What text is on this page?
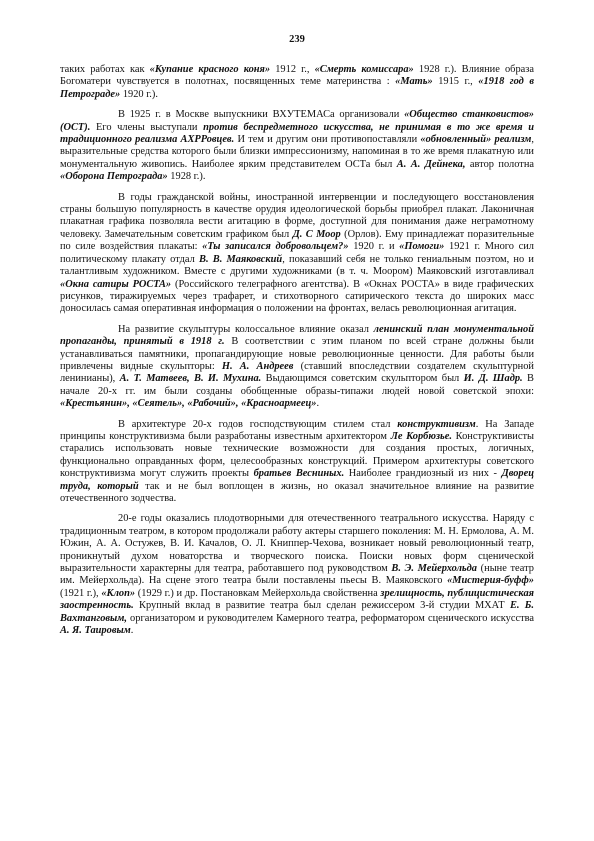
239

таких работах как «Купание красного коня» 1912 г., «Смерть комиссара» 1928 г.). Влияние образа Богоматери чувствуется в полотнах, посвященных теме материнства : «Мать» 1915 г., «1918 год в Петрограде» 1920 г.).

В 1925 г. в Москве выпускники ВХУТЕМАСа организовали «Общество станковистов» (ОСТ). Его члены выступали против беспредметного искусства, не принимая в то же время и традиционного реализма АХРРовцев. И тем и другим они противопоставляли «обновленный» реализм, выразительные средства которого были близки импрессионизму, напоминая в то же время плакатную или монументальную живопись. Наиболее ярким представителем ОСТа был А. А. Дейнека, автор полотна «Оборона Петрограда» 1928 г.).

В годы гражданской войны, иностранной интервенции и последующего восстановления страны большую популярность в качестве орудия идеологической борьбы приобрел плакат. Лаконичная плакатная графика позволяла вести агитацию в форме, доступной для понимания даже неграмотному человеку. Замечательным советским графиком был Д. С Моор (Орлов). Ему принадлежат поразительные по силе воздействия плакаты: «Ты записался добровольцем?» 1920 г. и «Помоги» 1921 г. Много сил политическому плакату отдал В. В. Маяковский, показавший себя не только гениальным поэтом, но и талантливым художником. Вместе с другими художниками (в т. ч. Моором) Маяковский изготавливал «Окна сатиры РОСТА» (Российского телеграфного агентства). В «Окнах РОСТА» в виде графических рисунков, тиражируемых через трафарет, и стихотворного сатирического текста до широких масс доносилась самая оперативная информация о положении на фронтах, велась революционная агитация.

На развитие скульптуры колоссальное влияние оказал ленинский план монументальной пропаганды, принятый в 1918 г. В соответствии с этим планом по всей стране должны были устанавливаться памятники, пропагандирующие новые революционные ценности. Для работы были привлечены видные скульпторы: Н. А. Андреев (ставший впоследствии создателем скульптурной ленинианы), А. Т. Матвеев, В. И. Мухина. Выдающимся советским скульптором был И. Д. Шадр. В начале 20-х гг. им были созданы обобщенные образы-типажи людей новой советской эпохи: «Крестьянин», «Сеятель», «Рабочий», «Красноармеец».

В архитектуре 20-х годов господствующим стилем стал конструктивизм. На Западе принципы конструктивизма были разработаны известным архитектором Ле Корбюзье. Конструктивисты старались использовать новые технические возможности для создания простых, логичных, функционально оправданных форм, целесообразных конструкций. Примером архитектуры советского конструктивизма могут служить проекты братьев Весниных. Наиболее грандиозный из них - Дворец труда, который так и не был воплощен в жизнь, но оказал значительное влияние на развитие отечественного зодчества.

20-е годы оказались плодотворными для отечественного театрального искусства. Наряду с традиционным театром, в котором продолжали работу актеры старшего поколения: М. Н. Ермолова, А. М. Южин, А. А. Остужев, В. И. Качалов, О. Л. Книппер-Чехова, возникает новый революционный театр, проникнутый духом новаторства и творческого поиска. Поиски новых форм сценической выразительности характерны для театра, работавшего под руководством В. Э. Мейерхольда (ныне театр им. Мейерхольда). На сцене этого театра были поставлены пьесы В. Маяковского «Мистерия-буфф» (1921 г.), «Клоп» (1929 г.) и др. Постановкам Мейерхольда свойственна зрелищность, публицистическая заостренность. Крупный вклад в развитие театра был сделан режиссером 3-й студии МХАТ Е. Б. Вахтанговым, организатором и руководителем Камерного театра, реформатором сценического искусства А. Я. Таировым.
